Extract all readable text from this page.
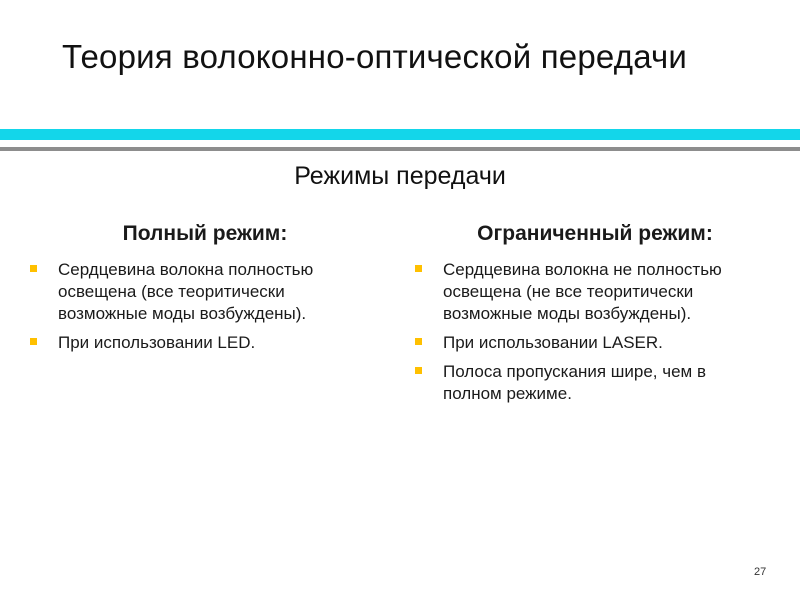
Теория волоконно-оптической передачи
Режимы передачи
Полный режим:
Сердцевина волокна полностью освещена (все теоритически возможные моды возбуждены).
При использовании LED.
Ограниченный режим:
Сердцевина волокна не полностью освещена (не все теоритически возможные моды возбуждены).
При использовании LASER.
Полоса пропускания шире, чем в полном режиме.
27
